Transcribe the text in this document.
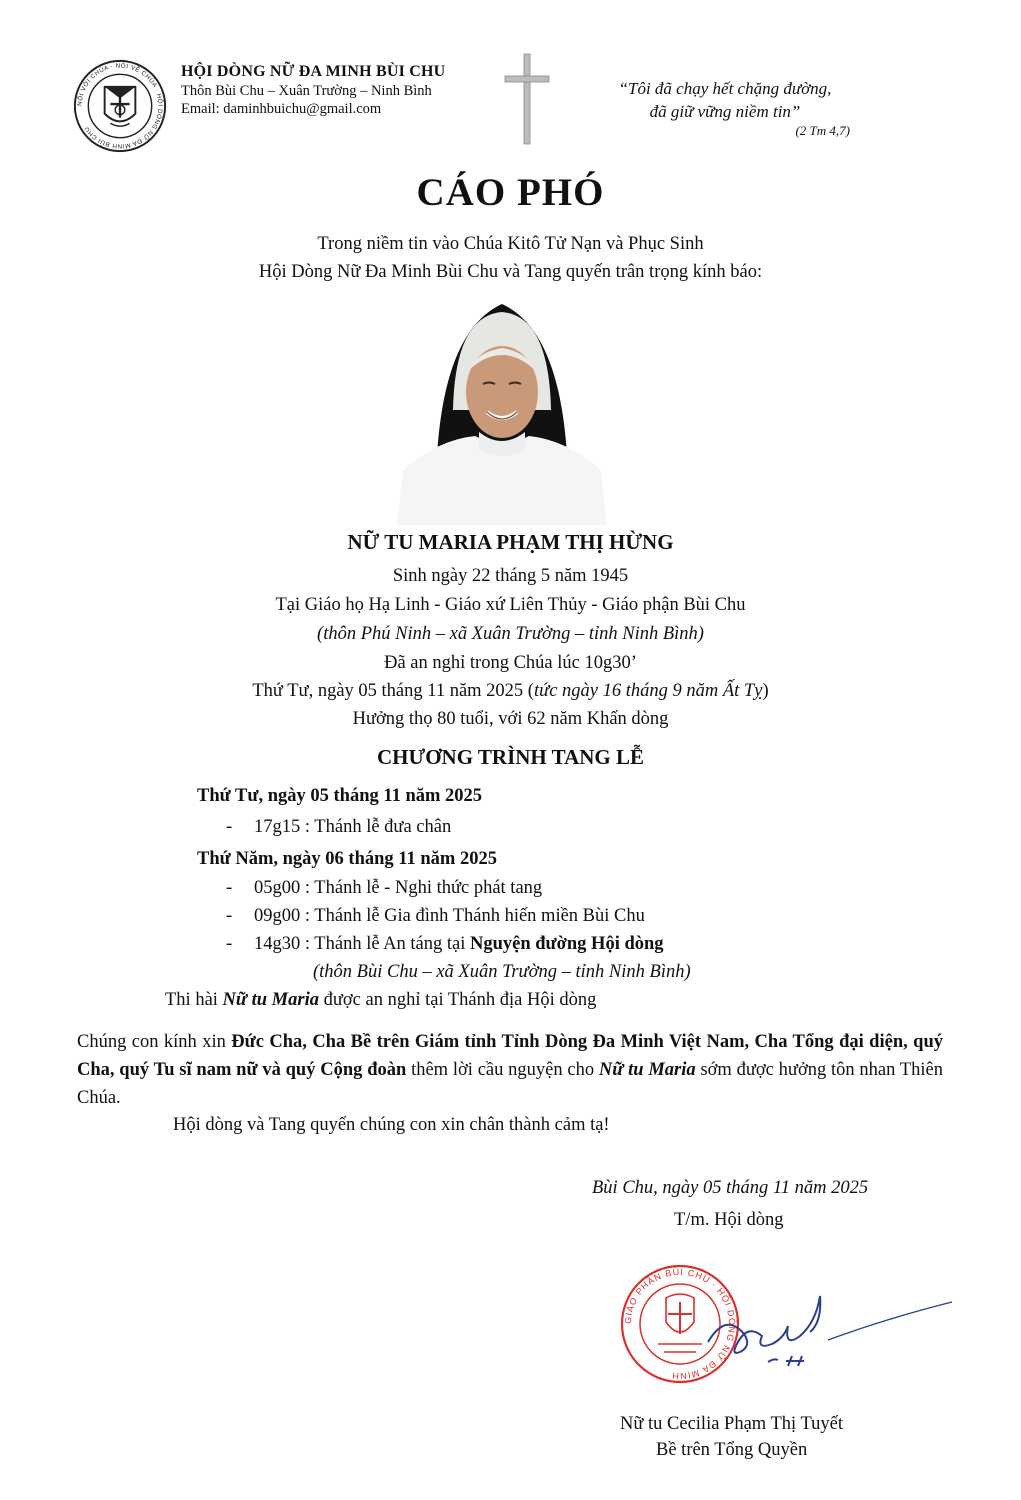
NỐI VỚI CHÚA · NÓI VỀ CHÚA · HỘI DÒNG NỮ ĐA MINH BÙI CHU
HỘI DÒNG NỮ ĐA MINH BÙI CHU
Thôn Bùi Chu – Xuân Trường – Ninh Bình
Email: daminhbuichu@gmail.com
“Tôi đã chạy hết chặng đường,
đã giữ vững niềm tin”
(2 Tm 4,7)
CÁO PHÓ
Trong niềm tin vào Chúa Kitô Tử Nạn và Phục Sinh
Hội Dòng Nữ Đa Minh Bùi Chu và Tang quyến trân trọng kính báo:
NỮ TU MARIA PHẠM THỊ HỪNG
Sinh ngày 22 tháng 5 năm 1945
Tại Giáo họ Hạ Linh - Giáo xứ Liên Thủy - Giáo phận Bùi Chu
(thôn Phú Ninh – xã Xuân Trường – tỉnh Ninh Bình)
Đã an nghỉ trong Chúa lúc 10g30’
Thứ Tư, ngày 05 tháng 11 năm 2025 (tức ngày 16 tháng 9 năm Ất Tỵ)
Hưởng thọ 80 tuổi, với 62 năm Khấn dòng
CHƯƠNG TRÌNH TANG LỄ
Thứ Tư, ngày 05 tháng 11 năm 2025
- 17g15 : Thánh lễ đưa chân
Thứ Năm, ngày 06 tháng 11 năm 2025
- 05g00 : Thánh lễ - Nghi thức phát tang
- 09g00 : Thánh lễ Gia đình Thánh hiến miền Bùi Chu
- 14g30 : Thánh lễ An táng tại Nguyện đường Hội dòng
(thôn Bùi Chu – xã Xuân Trường – tỉnh Ninh Bình)
Thi hài Nữ tu Maria được an nghỉ tại Thánh địa Hội dòng
Chúng con kính xin Đức Cha, Cha Bề trên Giám tỉnh Tỉnh Dòng Đa Minh Việt Nam, Cha Tổng đại diện, quý Cha, quý Tu sĩ nam nữ và quý Cộng đoàn thêm lời cầu nguyện cho Nữ tu Maria sớm được hưởng tôn nhan Thiên Chúa.
Hội dòng và Tang quyến chúng con xin chân thành cảm tạ!
Bùi Chu, ngày 05 tháng 11 năm 2025
T/m. Hội dòng
GIÁO PHẬN BÙI CHU · HỘI DÒNG NỮ ĐA MINH
Nữ tu Cecilia Phạm Thị Tuyết
Bề trên Tổng Quyền
